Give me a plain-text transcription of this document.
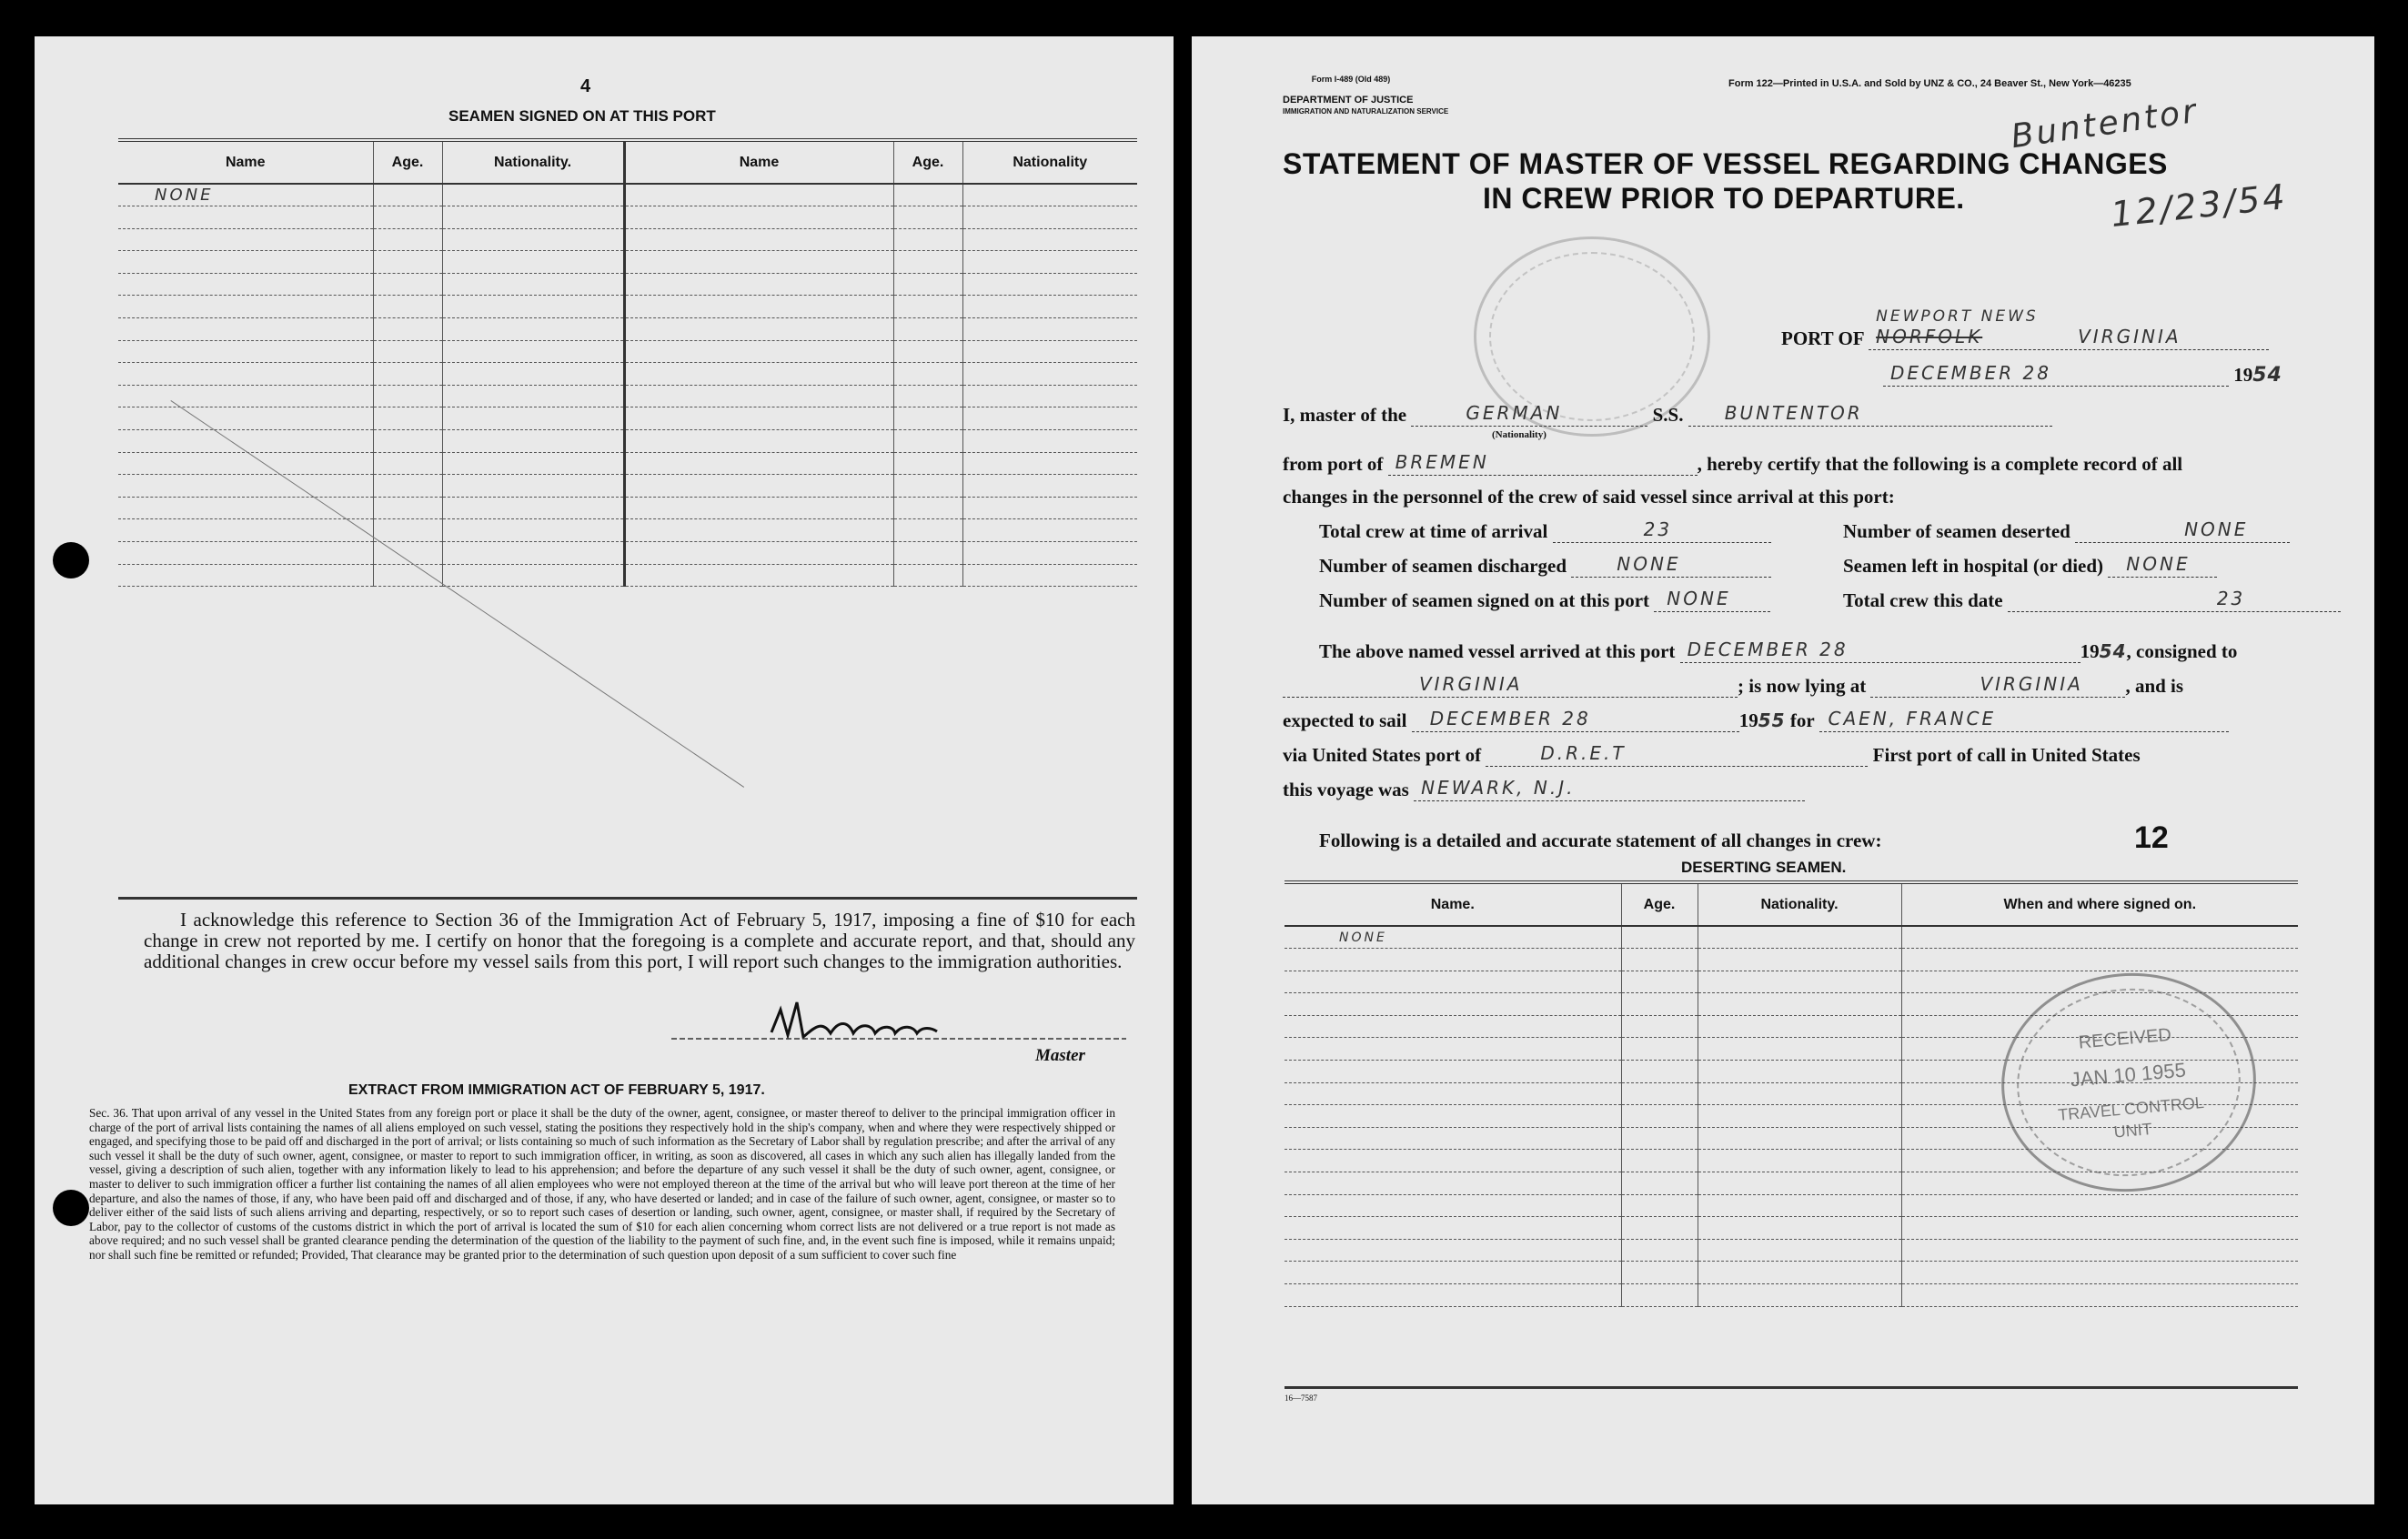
4
SEAMEN SIGNED ON AT THIS PORT
Name	Age.	Nationality.	Name	Age.	Nationality
NONE					

I acknowledge this reference to Section 36 of the Immigration Act of February 5, 1917, imposing a fine of $10 for each change in crew not reported by me. I certify on honor that the foregoing is a complete and accurate report, and that, should any additional changes in crew occur before my vessel sails from this port, I will report such changes to the immigration authorities.
Master
EXTRACT FROM IMMIGRATION ACT OF FEBRUARY 5, 1917.
Sec. 36. That upon arrival of any vessel in the United States from any foreign port or place it shall be the duty of the owner, agent, consignee, or master thereof to deliver to the principal immigration officer in charge of the port of arrival lists containing the names of all aliens employed on such vessel, stating the positions they respectively hold in the ship's company, when and where they were respectively shipped or engaged, and specifying those to be paid off and discharged in the port of arrival; or lists containing so much of such information as the Secretary of Labor shall by regulation prescribe; and after the arrival of any such vessel it shall be the duty of such owner, agent, consignee, or master to report to such immigration officer, in writing, as soon as discovered, all cases in which any such alien has illegally landed from the vessel, giving a description of such alien, together with any information likely to lead to his apprehension; and before the departure of any such vessel it shall be the duty of such owner, agent, consignee, or master to deliver to such immigration officer a further list containing the names of all alien employees who were not employed thereon at the time of the arrival but who will leave port thereon at the time of her departure, and also the names of those, if any, who have been paid off and discharged and of those, if any, who have deserted or landed; and in case of the failure of such owner, agent, consignee, or master so to deliver either of the said lists of such aliens arriving and departing, respectively, or so to report such cases of desertion or landing, such owner, agent, consignee, or master shall, if required by the Secretary of Labor, pay to the collector of customs of the customs district in which the port of arrival is located the sum of $10 for each alien concerning whom correct lists are not delivered or a true report is not made as above required; and no such vessel shall be granted clearance pending the determination of the question of the liability to the payment of such fine, and, in the event such fine is imposed, while it remains unpaid; nor shall such fine be remitted or refunded; Provided, That clearance may be granted prior to the determination of such question upon deposit of a sum sufficient to cover such fine
Form I-489 (Old 489)
DEPARTMENT OF JUSTICE
IMMIGRATION AND NATURALIZATION SERVICE
Form 122—Printed in U.S.A. and Sold by UNZ & CO., 24 Beaver St., New York—46235
Buntentor
12/23/54
STATEMENT OF MASTER OF VESSEL REGARDING CHANGES
IN CREW PRIOR TO DEPARTURE.
PORT OF
NEWPORT NEWS
NORFOLK	VIRGINIA
DECEMBER 28	1954
I, master of the	GERMAN	S.S. BUNTENTOR
(Nationality)
from port of BREMEN	, hereby certify that the following is a complete record of all
changes in the personnel of the crew of said vessel since arrival at this port:
Total crew at time of arrival	23	Number of seamen deserted	NONE
Number of seamen discharged	NONE	Seamen left in hospital (or died) NONE
Number of seamen signed on at this port NONE	Total crew this date	23
The above named vessel arrived at this port DECEMBER 28	1954, consigned to
VIRGINIA	; is now lying at	VIRGINIA , and is
expected to sail DECEMBER 28	1955 for CAEN, FRANCE
via United States port of	D.R.E.T	First port of call in United States
this voyage was NEWARK, N.J.
Following is a detailed and accurate statement of all changes in crew:	12
DESERTING SEAMEN.
Name.	Age.	Nationality.	When and where signed on.
NONE			

16—7587
RECEIVED
JAN 10 1955
TRAVEL CONTROL
UNIT
